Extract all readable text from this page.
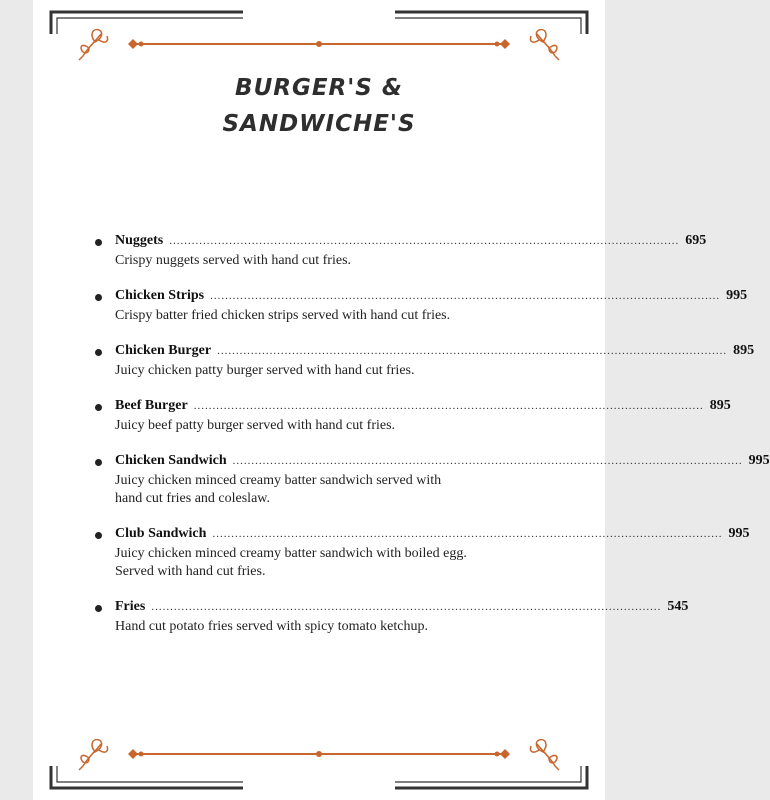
BURGER'S &
SANDWICHE'S
Nuggets ........................................................................................................................................ 695
Crispy nuggets served with hand cut fries.
Chicken Strips ........................................................................................................................................ 995
Crispy batter fried chicken strips served with hand cut fries.
Chicken Burger ........................................................................................................................................ 895
Juicy chicken patty burger served with hand cut fries.
Beef Burger ........................................................................................................................................ 895
Juicy beef patty burger served with hand cut fries.
Chicken Sandwich ........................................................................................................................................ 995
Juicy chicken minced creamy batter sandwich served with hand cut fries and coleslaw.
Club Sandwich ........................................................................................................................................ 995
Juicy chicken minced creamy batter sandwich with boiled egg. Served with hand cut fries.
Fries ........................................................................................................................................ 545
Hand cut potato fries served with spicy tomato ketchup.
